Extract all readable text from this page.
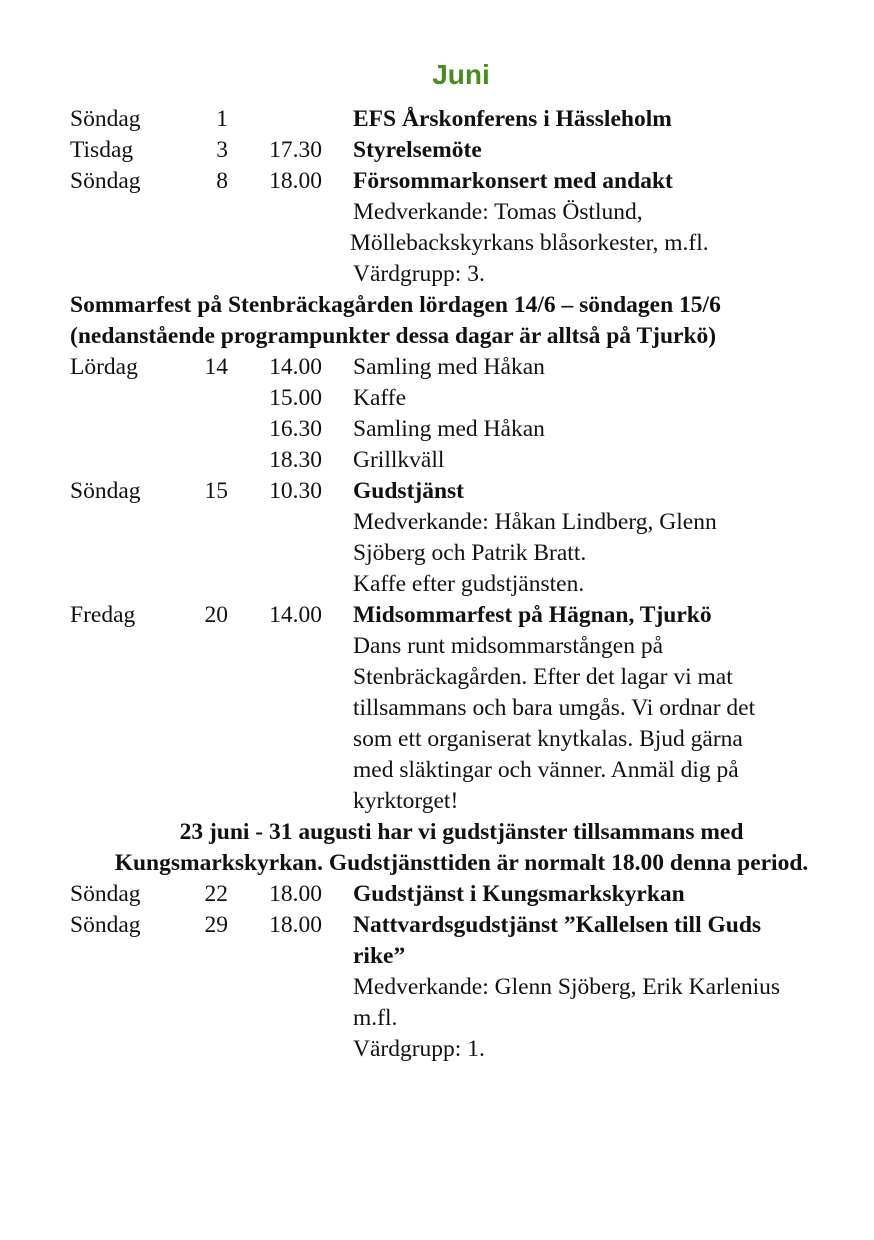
Juni
Söndag	1	EFS Årskonferens i Hässleholm
Tisdag	3	17.30 Styrelsemöte
Söndag	8	18.00 Försommarkonsert med andakt
Medverkande: Tomas Östlund,
Möllebackskyrkans blåsorkester, m.fl.
Värdgrupp: 3.
Sommarfest på Stenbräckagården lördagen 14/6 – söndagen 15/6
(nedanstående programpunkter dessa dagar är alltså på Tjurkö)
Lördag	14	14.00 Samling med Håkan
15.00 Kaffe
16.30 Samling med Håkan
18.30 Grillkväll
Söndag	15	10.30 Gudstjänst
Medverkande: Håkan Lindberg, Glenn
Sjöberg och Patrik Bratt.
Kaffe efter gudstjänsten.
Fredag	20	14.00 Midsommarfest på Hägnan, Tjurkö
Dans runt midsommarstången på
Stenbräckagården. Efter det lagar vi mat
tillsammans och bara umgås. Vi ordnar det
som ett organiserat knytkalas. Bjud gärna
med släktingar och vänner. Anmäl dig på
kyrktorget!
23 juni - 31 augusti har vi gudstjänster tillsammans med
Kungsmarkskyrkan. Gudstjänsttiden är normalt 18.00 denna period.
Söndag	22	18.00 Gudstjänst i Kungsmarkskyrkan
Söndag	29	18.00 Nattvardsgudstjänst ”Kallelsen till Guds
rike”
Medverkande: Glenn Sjöberg, Erik Karlenius
m.fl.
Värdgrupp: 1.
